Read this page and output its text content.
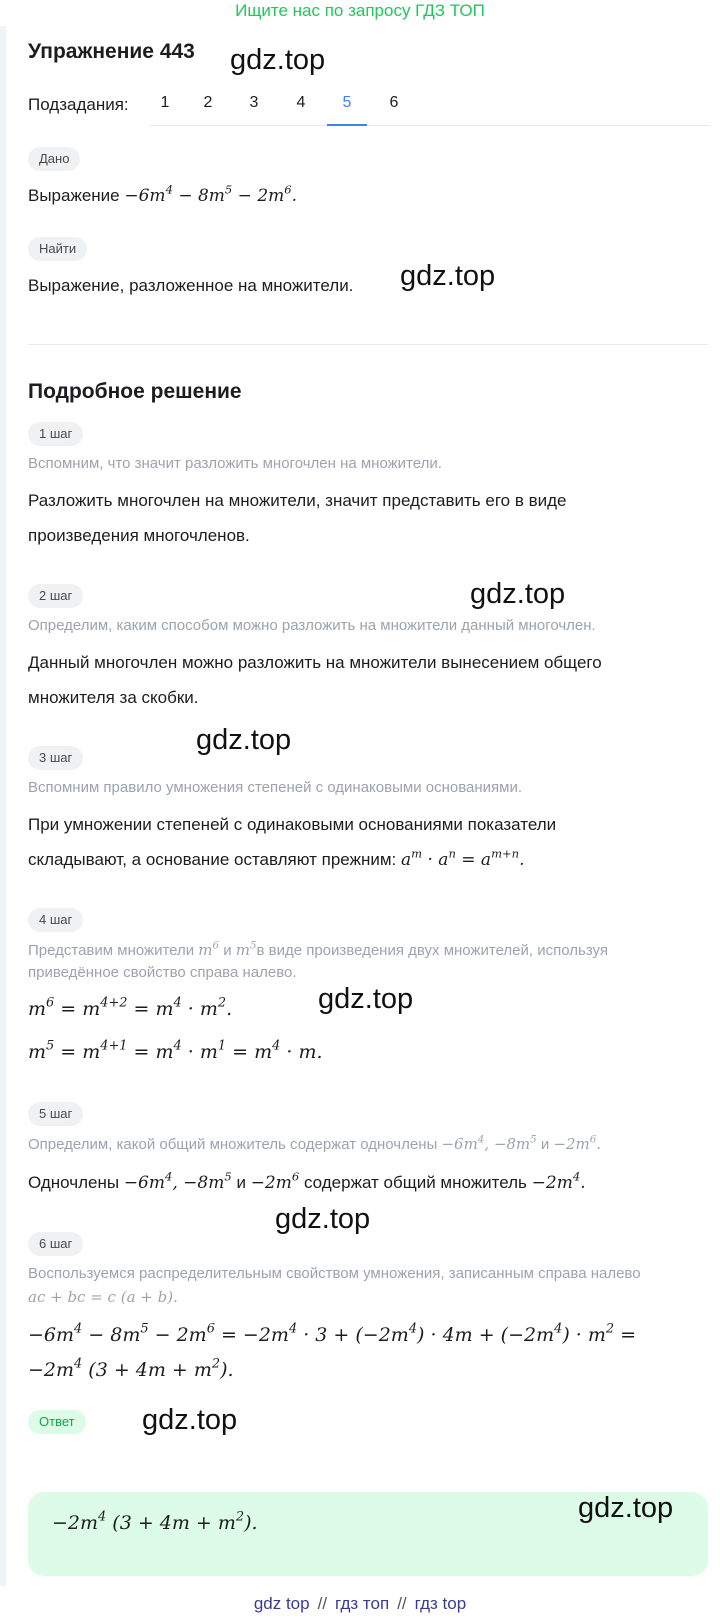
Ищите нас по запросу ГДЗ ТОП
Упражнение 443 gdz.top
Подзадания:	1	2	3	4	5	6
Дано
Выражение $-6m^4 - 8m^5 - 2m^6$.
Найти
Выражение, разложенное на множители. gdz.top
Подробное решение
1 шаг
Вспомним, что значит разложить многочлен на множители.
Разложить многочлен на множители, значит представить его в виде
произведения многочленов.
2 шаг	gdz.top
Определим, каким способом можно разложить на множители данный многочлен.
Данный многочлен можно разложить на множители вынесением общего
множителя за скобки.
3 шаг
gdz.top
Вспомним правило умножения степеней с одинаковыми основаниями.
При умножении степеней с одинаковыми основаниями показатели
складывают, а основание оставляют прежним: $a^m \cdot a^n = a^{m+n}$.
4 шаг
Представим множители $m^6$ и $m^5в$ виде произведения двух множителей, используя
приведённое свойство справа налево.
$m^6 = m^{4+2} = m^4 \cdot m^2$.	gdz.top
$m^5 = m^{4+1} = m^4 \cdot m^1 = m^4 \cdot m$.
5 шаг
Определим, какой общий множитель содержат одночлены $-6m^4$, $-8m^5$ $и -2m^6$.
Одночлены $-6m^4$, $-8m^5$ $и -2m^6$ содержат общий множитель $-2m^4$.
gdz.top
6 шаг
Воспользуемся распределительным свойством умножения, записанным справа налево
ac + bc = c (a + b).
$-6m^4 - 8m^5 - 2m^6 = -2m^4 \cdot 3 + (-2m^4) \cdot 4m + (-2m^4) \cdot m^2$ =
$-2m^4$ $(3 + 4m + m^2)$.
Ответ	gdz.top
$-2m^4$ $(3 + 4m + m^2)$.	gdz.top
gdz top // гдз топ // гдз top
